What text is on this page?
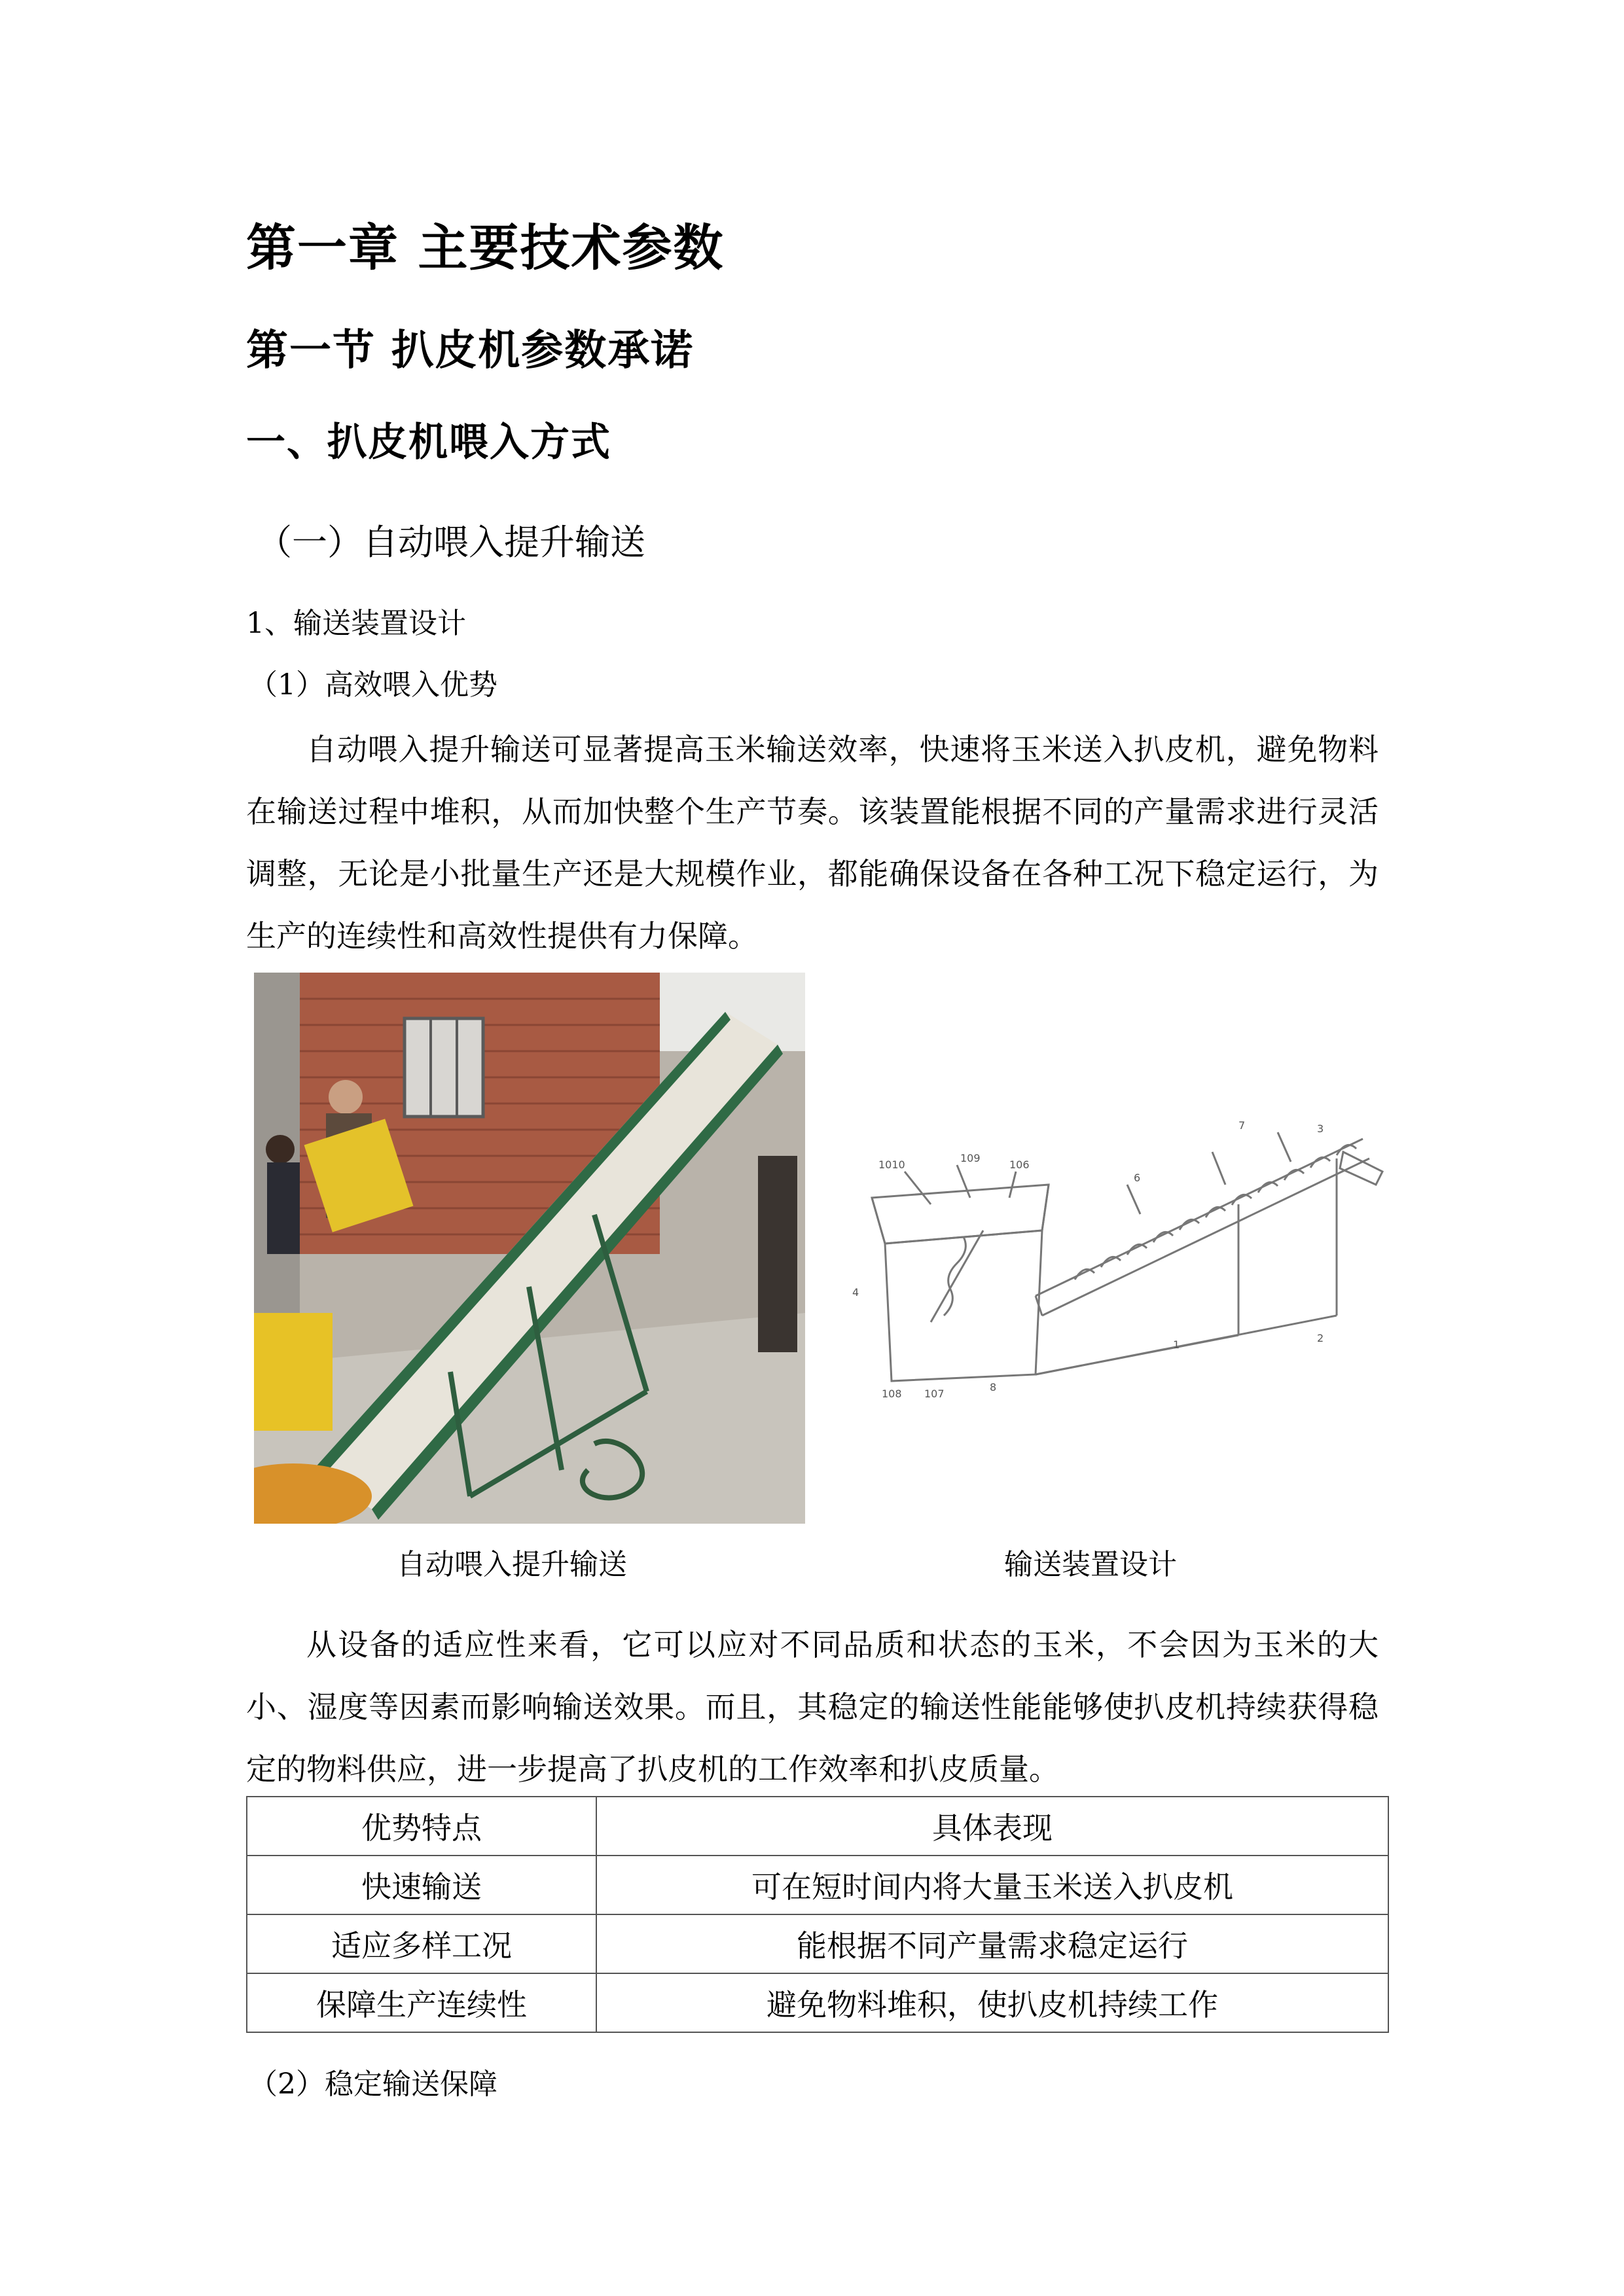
第一章 主要技术参数
第一节 扒皮机参数承诺
一、扒皮机喂入方式
（一）自动喂入提升输送
1、输送装置设计
（1）高效喂入优势
自动喂入提升输送可显著提高玉米输送效率，快速将玉米送入扒皮机，避免物料在输送过程中堆积，从而加快整个生产节奏。该装置能根据不同的产量需求进行灵活调整，无论是小批量生产还是大规模作业，都能确保设备在各种工况下稳定运行，为生产的连续性和高效性提供有力保障。
1010
109
106
6
7	3
4
1
2
108 107
8
自动喂入提升输送	输送装置设计
从设备的适应性来看，它可以应对不同品质和状态的玉米，不会因为玉米的大小、湿度等因素而影响输送效果。而且，其稳定的输送性能能够使扒皮机持续获得稳定的物料供应，进一步提高了扒皮机的工作效率和扒皮质量。
优势特点	具体表现
快速输送	可在短时间内将大量玉米送入扒皮机
适应多样工况	能根据不同产量需求稳定运行
保障生产连续性	避免物料堆积，使扒皮机持续工作
（2）稳定输送保障
